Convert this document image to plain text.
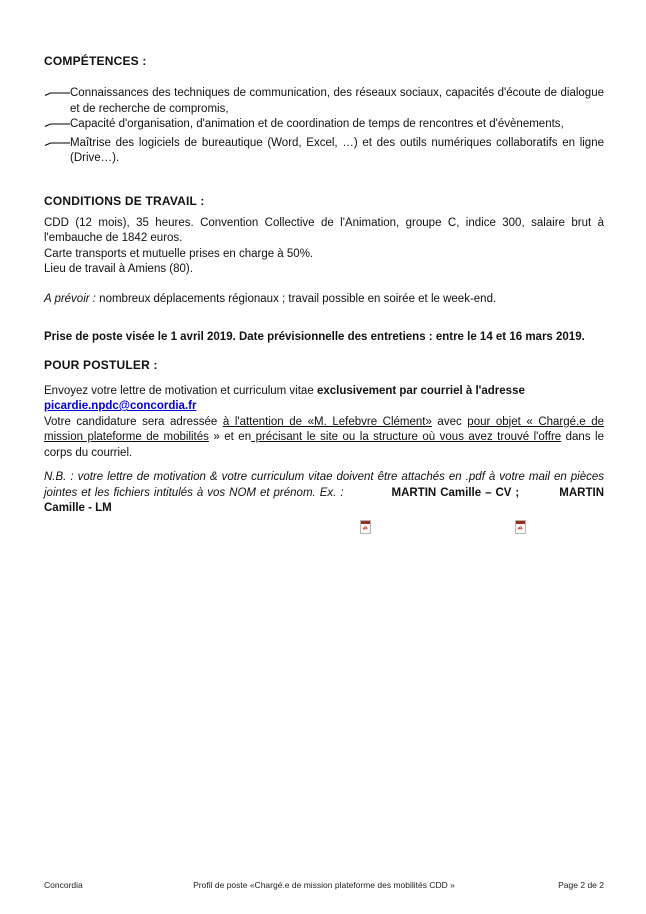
COMPÉTENCES :
Connaissances des techniques de communication, des réseaux sociaux, capacités d'écoute de dialogue et de recherche de compromis,
Capacité d'organisation, d'animation et de coordination de temps de rencontres et d'évènements,
Maîtrise des logiciels de bureautique (Word, Excel, …) et des outils numériques collaboratifs en ligne (Drive…).
CONDITIONS DE TRAVAIL :
CDD (12 mois), 35 heures. Convention Collective de l'Animation, groupe C, indice 300, salaire brut à l'embauche de 1842 euros.
Carte transports et mutuelle prises en charge à 50%.
Lieu de travail à Amiens (80).
A prévoir : nombreux déplacements régionaux ; travail possible en soirée et le week-end.
Prise de poste visée le 1 avril 2019. Date prévisionnelle des entretiens : entre le 14 et 16 mars 2019.
POUR POSTULER :
Envoyez votre lettre de motivation et curriculum vitae exclusivement par courriel à l'adresse
picardie.npdc@concordia.fr
Votre candidature sera adressée à l'attention de «M. Lefebvre Clément» avec pour objet « Chargé.e de mission plateforme de mobilités » et en précisant le site ou la structure où vous avez trouvé l'offre dans le corps du courriel.
N.B. : votre lettre de motivation & votre curriculum vitae doivent être attachés en .pdf à votre mail en pièces jointes et les fichiers intitulés à vos NOM et prénom. Ex. :	MARTIN Camille – CV ;	MARTIN Camille - LM
Concordia	Profil de poste «Chargé.e de mission plateforme des mobilités CDD »	Page 2 de 2
